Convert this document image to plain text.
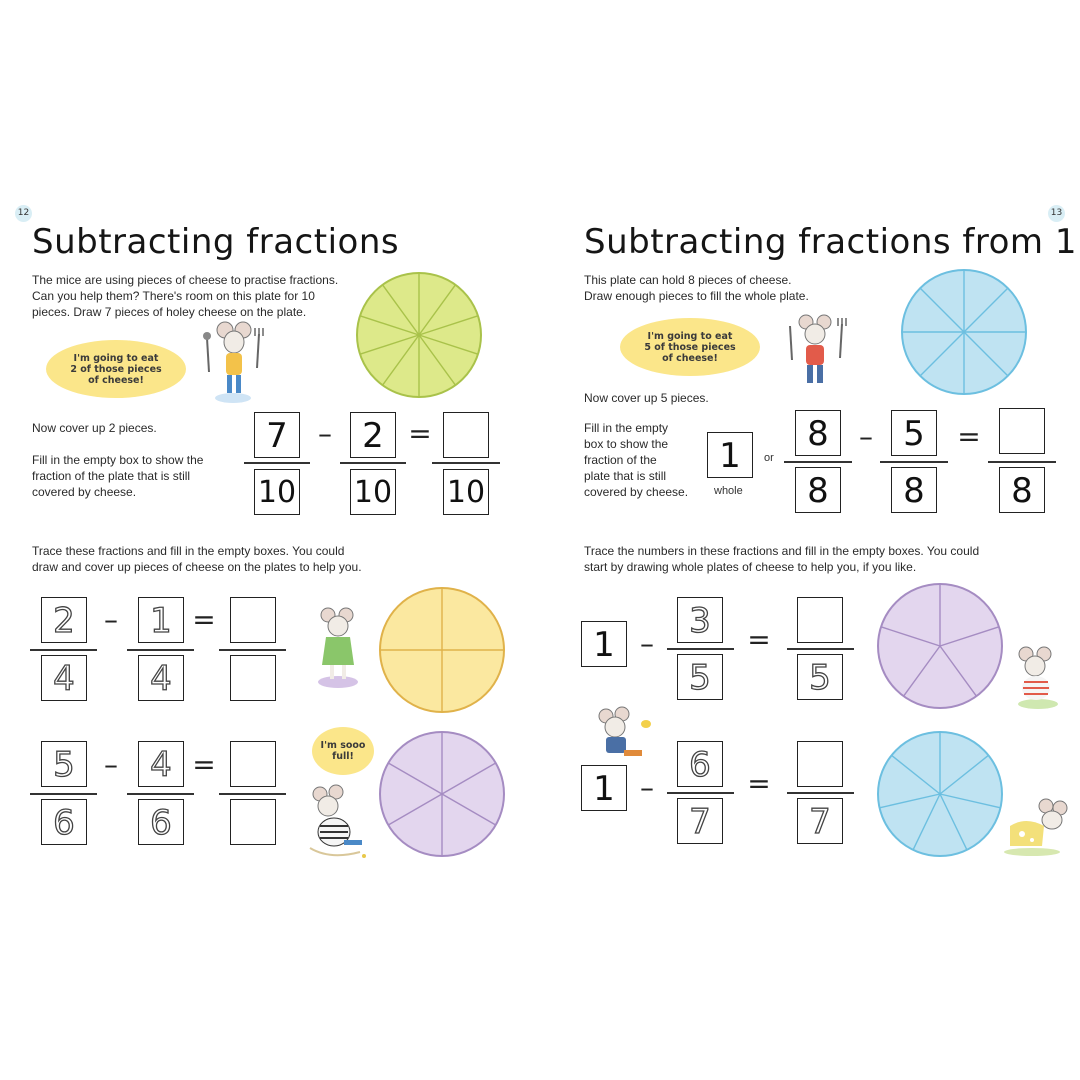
12
Subtracting fractions
The mice are using pieces of cheese to practise fractions.
Can you help them? There's room on this plate for 10
pieces. Draw 7 pieces of holey cheese on the plate.
I'm going to eat
2 of those pieces
of cheese!
Now cover up 2 pieces.
Fill in the empty box to show the
fraction of the plate that is still
covered by cheese.
7
10
– 2
10
=
10
Trace these fractions and fill in the empty boxes. You could
draw and cover up pieces of cheese on the plates to help you.
2
4
– 1
4
=
5
6
– 4
6
=
I'm sooo
full!
13
Subtracting fractions from 1
This plate can hold 8 pieces of cheese.
Draw enough pieces to fill the whole plate.
I'm going to eat
5 of those pieces
of cheese!
Now cover up 5 pieces.
Fill in the empty
box to show the
fraction of the
plate that is still
covered by cheese.
1
whole
or
8
8
– 5
8
=
8
Trace the numbers in these fractions and fill in the empty boxes. You could
start by drawing whole plates of cheese to help you, if you like.
1 –
3
5
=
5
1 –
6
7
=
7
